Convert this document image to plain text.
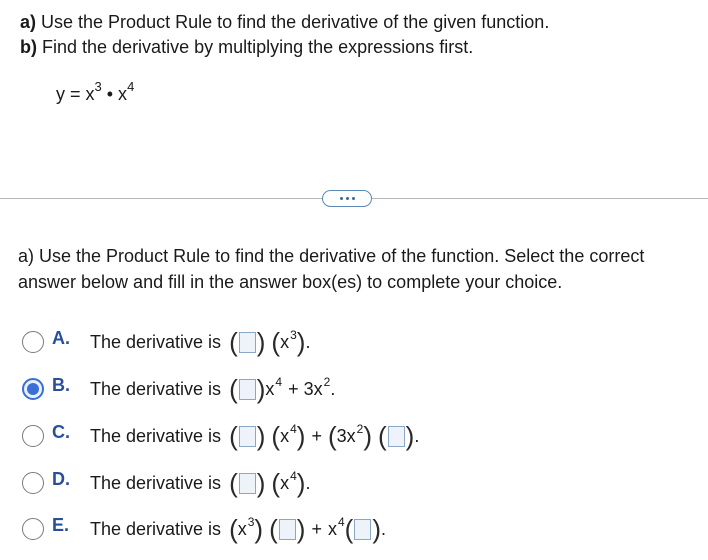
a) Use the Product Rule to find the derivative of the given function.
b) Find the derivative by multiplying the expressions first.
$y = x^3$ • $x^4$
a) Use the Product Rule to find the derivative of the function. Select the correct answer below and fill in the answer box(es) to complete your choice.
A.	The derivative is ( ) ( $x^3$ ) .
B.	The derivative is ( ) $x^4 + 3x^2$ .
C.	The derivative is ( ) ( $x^4$ ) + ( $3x^2$ ) ( ) .
D.	The derivative is ( ) ( $x^4$ ) .
E.	The derivative is ( $x^3$ ) ( ) + $x^4$ ( ) .
